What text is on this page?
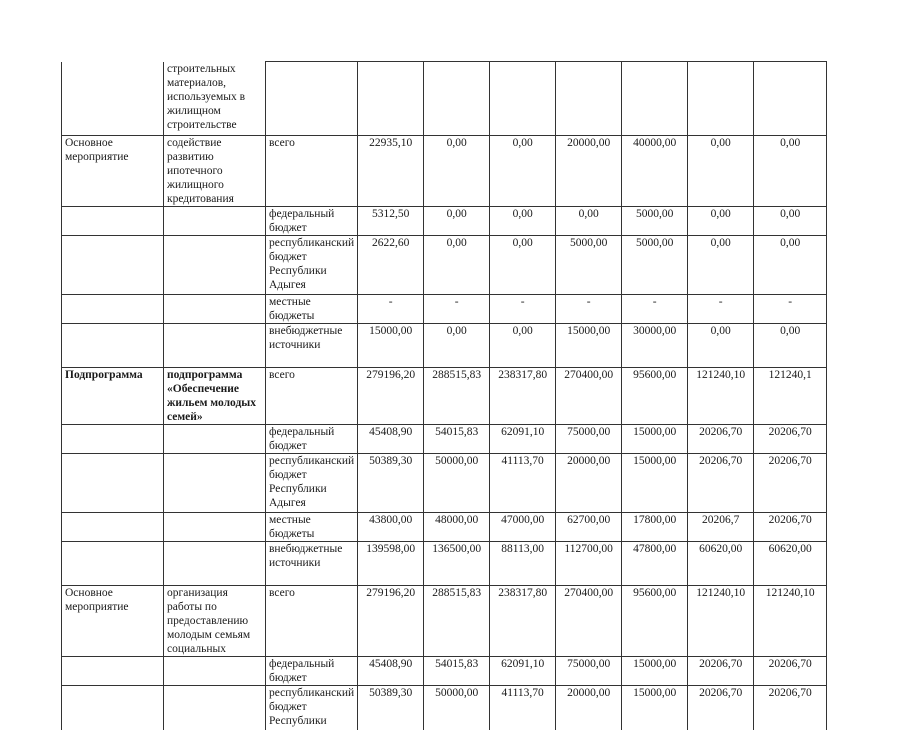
	строительных материалов, используемых в жилищном строительстве								
Основное мероприятие	содействие развитию ипотечного жилищного кредитования	всего	22935,10	0,00	0,00	20000,00	40000,00	0,00	0,00
		федеральный бюджет	5312,50	0,00	0,00	0,00	5000,00	0,00	0,00
		республиканский бюджет Республики Адыгея	2622,60	0,00	0,00	5000,00	5000,00	0,00	0,00
		местные бюджеты	-	-	-	-	-	-	-
		внебюджетные источники	15000,00	0,00	0,00	15000,00	30000,00	0,00	0,00
Подпрограмма	подпрограмма «Обеспечение жильем молодых семей»	всего	279196,20	288515,83	238317,80	270400,00	95600,00	121240,10	121240,1
		федеральный бюджет	45408,90	54015,83	62091,10	75000,00	15000,00	20206,70	20206,70
		республиканский бюджет Республики Адыгея	50389,30	50000,00	41113,70	20000,00	15000,00	20206,70	20206,70
		местные бюджеты	43800,00	48000,00	47000,00	62700,00	17800,00	20206,7	20206,70
		внебюджетные источники	139598,00	136500,00	88113,00	112700,00	47800,00	60620,00	60620,00
Основное мероприятие	организация работы по предоставлению молодым семьям социальных	всего	279196,20	288515,83	238317,80	270400,00	95600,00	121240,10	121240,10
		федеральный бюджет	45408,90	54015,83	62091,10	75000,00	15000,00	20206,70	20206,70
		республиканский бюджет Республики	50389,30	50000,00	41113,70	20000,00	15000,00	20206,70	20206,70
